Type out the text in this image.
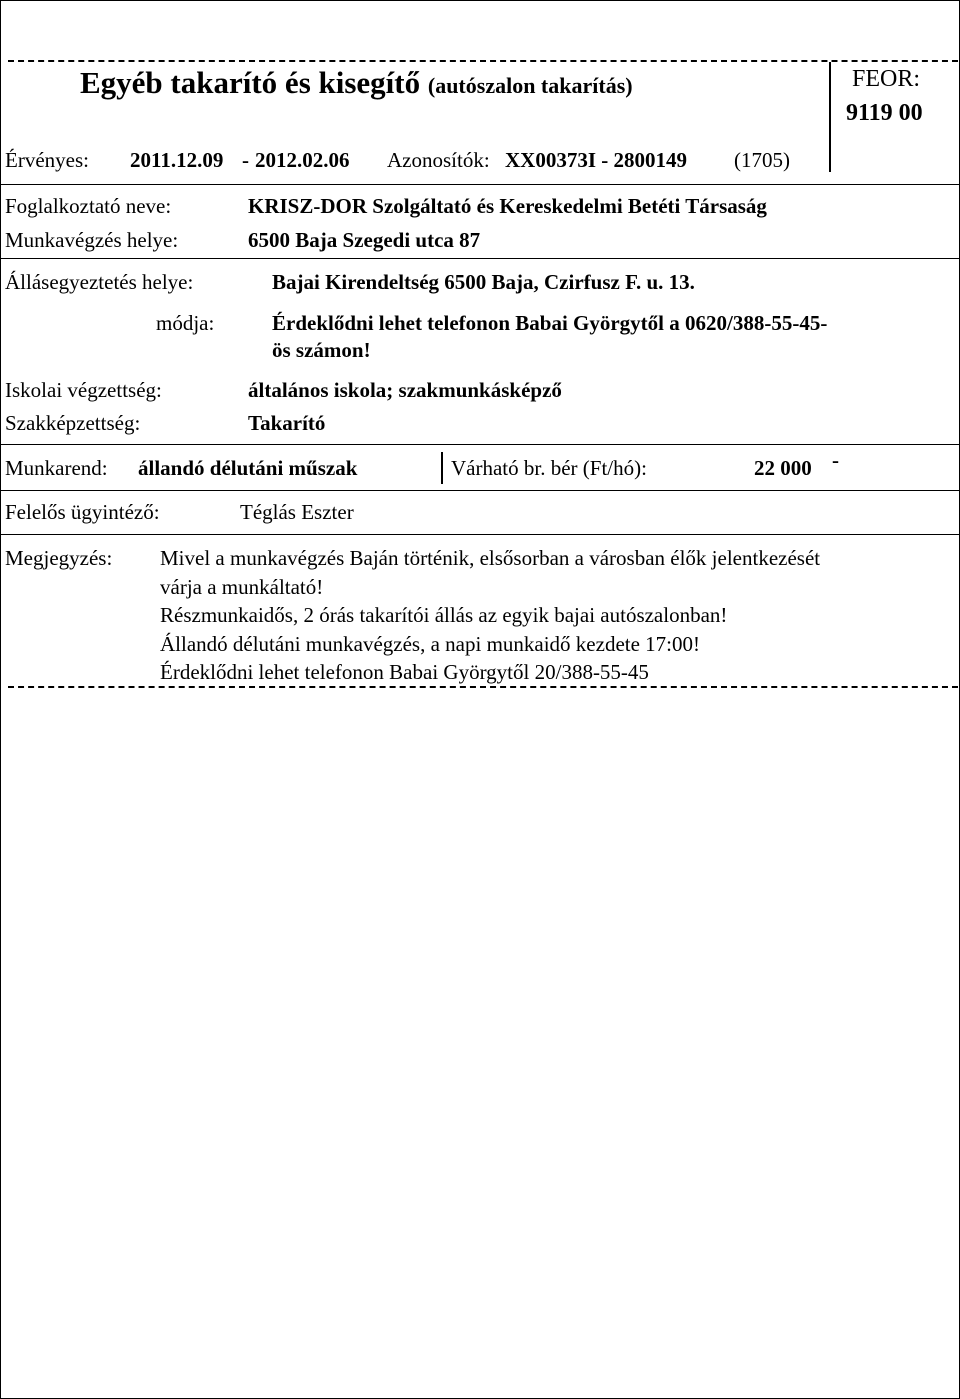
Egyéb takarító és kisegítő (autószalon takarítás)	FEOR:
9119 00
Érvényes: 2011.12.09 - 2012.02.06 Azonosítók: XX00373I - 2800149 (1705)
Foglalkoztató neve:	KRISZ-DOR Szolgáltató és Kereskedelmi Betéti Társaság
Munkavégzés helye:	6500 Baja Szegedi utca 87
Állásegyeztetés helye:	Bajai Kirendeltség 6500 Baja, Czirfusz F. u. 13.
módja:	Érdeklődni lehet telefonon Babai Györgytől a 0620/388-55-45-
ös számon!
Iskolai végzettség:	általános iskola; szakmunkásképző
Szakképzettség:	Takarító
Munkarend: állandó délutáni műszak	Várható br. bér (Ft/hó):	22 000 -
Felelős ügyintéző:	Téglás Eszter
Megjegyzés: Mivel a munkavégzés Baján történik, elsősorban a városban élők jelentkezését
várja a munkáltató!
Részmunkaidős, 2 órás takarítói állás az egyik bajai autószalonban!
Állandó délutáni munkavégzés, a napi munkaidő kezdete 17:00!
Érdeklődni lehet telefonon Babai Györgytől 20/388-55-45
